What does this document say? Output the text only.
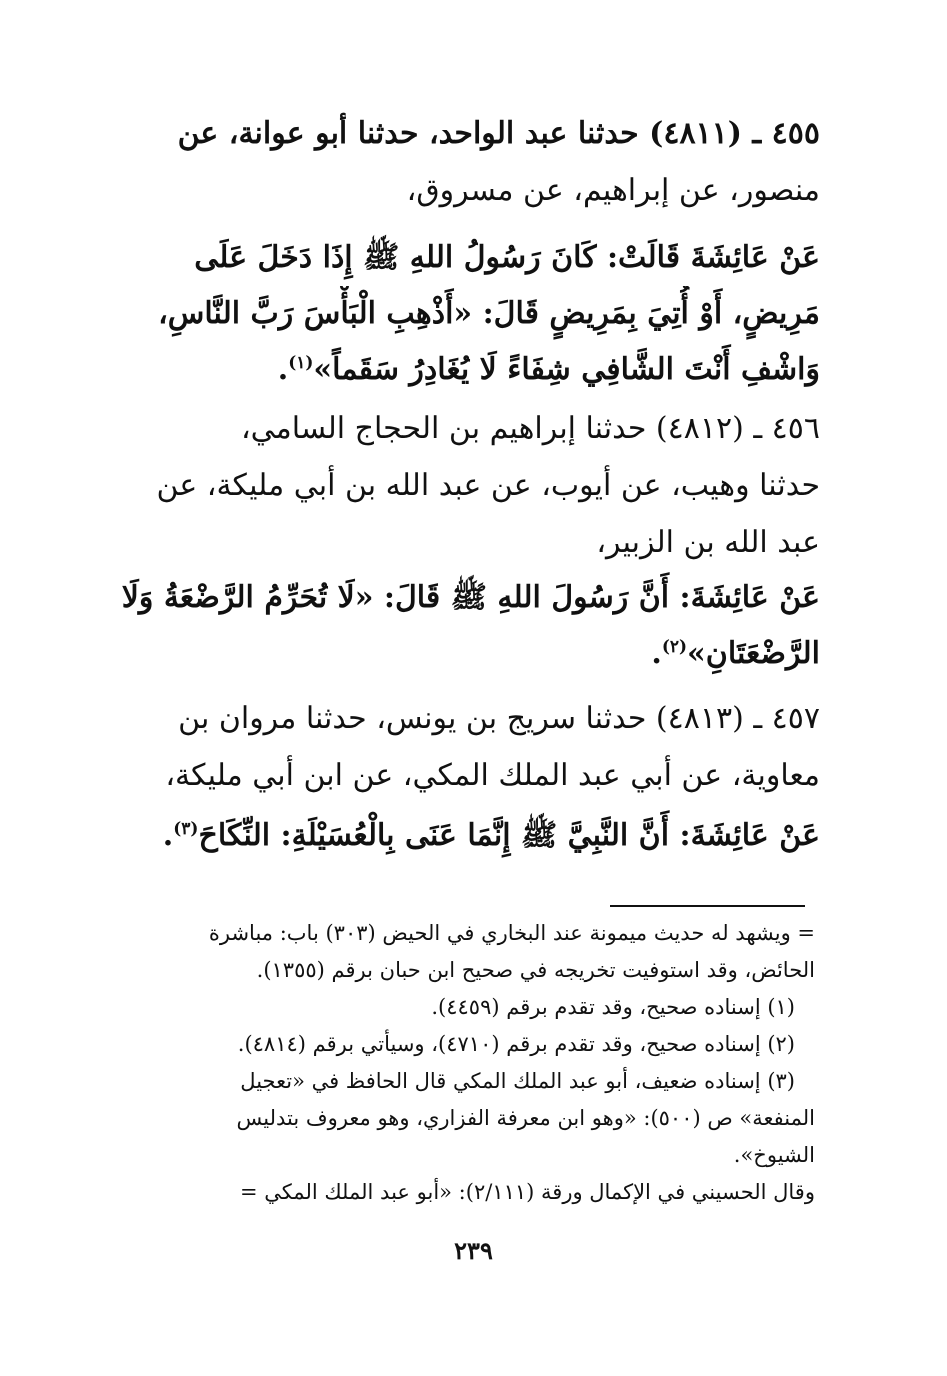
٤٥٥ ـ (٤٨١١) حدثنا عبد الواحد، حدثنا أبو عوانة، عن
منصور، عن إبراهيم، عن مسروق،
عَنْ عَائِشَةَ قَالَتْ: كَانَ رَسُولُ اللهِ ﷺ إِذَا دَخَلَ عَلَى
مَرِيضٍ، أَوْ أُتِيَ بِمَرِيضٍ قَالَ: «أَذْهِبِ الْبَأْسَ رَبَّ النَّاسِ،
وَاشْفِ أَنْتَ الشَّافِي شِفَاءً لَا يُغَادِرُ سَقَماً»$^{(١)}$.
٤٥٦ ـ (٤٨١٢) حدثنا إبراهيم بن الحجاج السامي،
حدثنا وهيب، عن أيوب، عن عبد الله بن أبي مليكة، عن
عبد الله بن الزبير،
عَنْ عَائِشَةَ: أَنَّ رَسُولَ اللهِ ﷺ قَالَ: «لَا تُحَرِّمُ الرَّضْعَةُ وَلَا
الرَّضْعَتَانِ»$^{(٢)}$.
٤٥٧ ـ (٤٨١٣) حدثنا سريج بن يونس، حدثنا مروان بن
معاوية، عن أبي عبد الملك المكي، عن ابن أبي مليكة،
عَنْ عَائِشَةَ: أَنَّ النَّبِيَّ ﷺ إِنَّمَا عَنَى بِالْعُسَيْلَةِ: النِّكَاحَ$^{(٣)}$.
= ويشهد له حديث ميمونة عند البخاري في الحيض (٣٠٣) باب: مباشرة
الحائض، وقد استوفيت تخريجه في صحيح ابن حبان برقم (١٣٥٥).
(١) إسناده صحيح، وقد تقدم برقم (٤٤٥٩).
(٢) إسناده صحيح، وقد تقدم برقم (٤٧١٠)، وسيأتي برقم (٤٨١٤).
(٣) إسناده ضعيف، أبو عبد الملك المكي قال الحافظ في «تعجيل
المنفعة» ص (٥٠٠): «وهو ابن معرفة الفزاري، وهو معروف بتدليس
الشيوخ».
وقال الحسيني في الإكمال ورقة (٢/١١١): «أبو عبد الملك المكي =
٢٣٩
